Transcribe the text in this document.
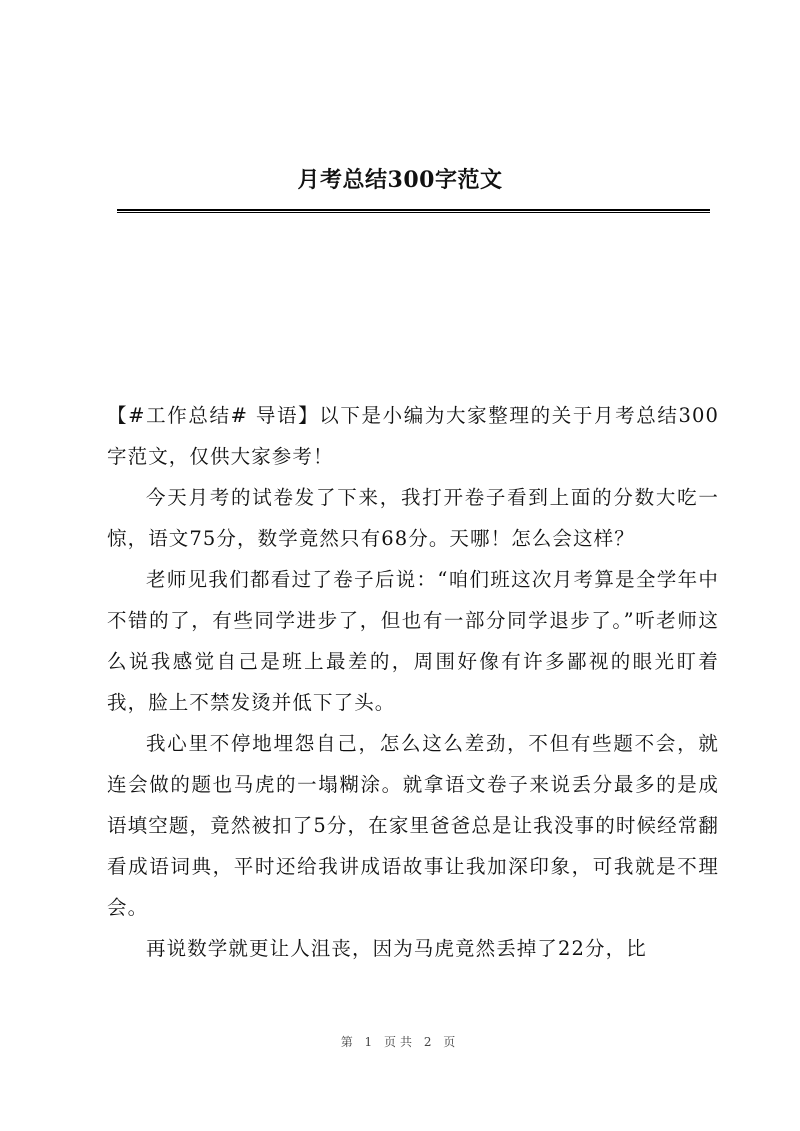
月考总结300字范文

【#工作总结# 导语】以下是小编为大家整理的关于月考总结300字范文，仅供大家参考！

今天月考的试卷发了下来，我打开卷子看到上面的分数大吃一惊，语文75分，数学竟然只有68分。天哪！怎么会这样？

老师见我们都看过了卷子后说：“咱们班这次月考算是全学年中不错的了，有些同学进步了，但也有一部分同学退步了。”听老师这么说我感觉自己是班上最差的，周围好像有许多鄙视的眼光盯着我，脸上不禁发烫并低下了头。

我心里不停地埋怨自己，怎么这么差劲，不但有些题不会，就连会做的题也马虎的一塌糊涂。就拿语文卷子来说丢分最多的是成语填空题，竟然被扣了5分，在家里爸爸总是让我没事的时候经常翻看成语词典，平时还给我讲成语故事让我加深印象，可我就是不理会。

再说数学就更让人沮丧，因为马虎竟然丢掉了22分，比

第 1 页共 2 页
